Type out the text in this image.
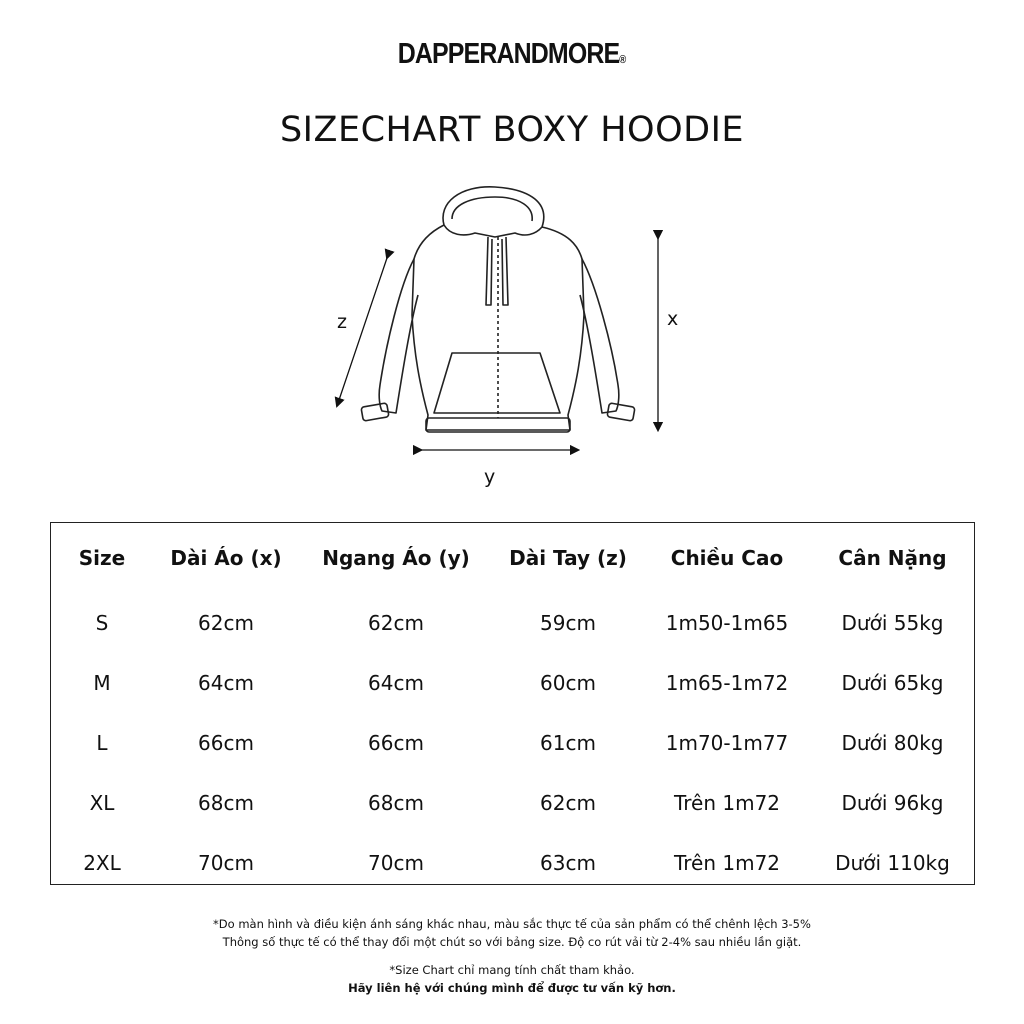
DAPPERANDMORE®
SIZECHART BOXY HOODIE
z	x
y
Size	Dài Áo (x)	Ngang Áo (y)	Dài Tay (z)	Chiều Cao	Cân Nặng
S	62cm	62cm	59cm	1m50-1m65	Dưới 55kg
M	64cm	64cm	60cm	1m65-1m72	Dưới 65kg
L	66cm	66cm	61cm	1m70-1m77	Dưới 80kg
XL	68cm	68cm	62cm	Trên 1m72	Dưới 96kg
2XL	70cm	70cm	63cm	Trên 1m72	Dưới 110kg
*Do màn hình và điều kiện ánh sáng khác nhau, màu sắc thực tế của sản phẩm có thể chênh lệch 3-5%
Thông số thực tế có thể thay đổi một chút so với bảng size. Độ co rút vải từ 2-4% sau nhiều lần giặt.
*Size Chart chỉ mang tính chất tham khảo.
Hãy liên hệ với chúng mình để được tư vấn kỹ hơn.
